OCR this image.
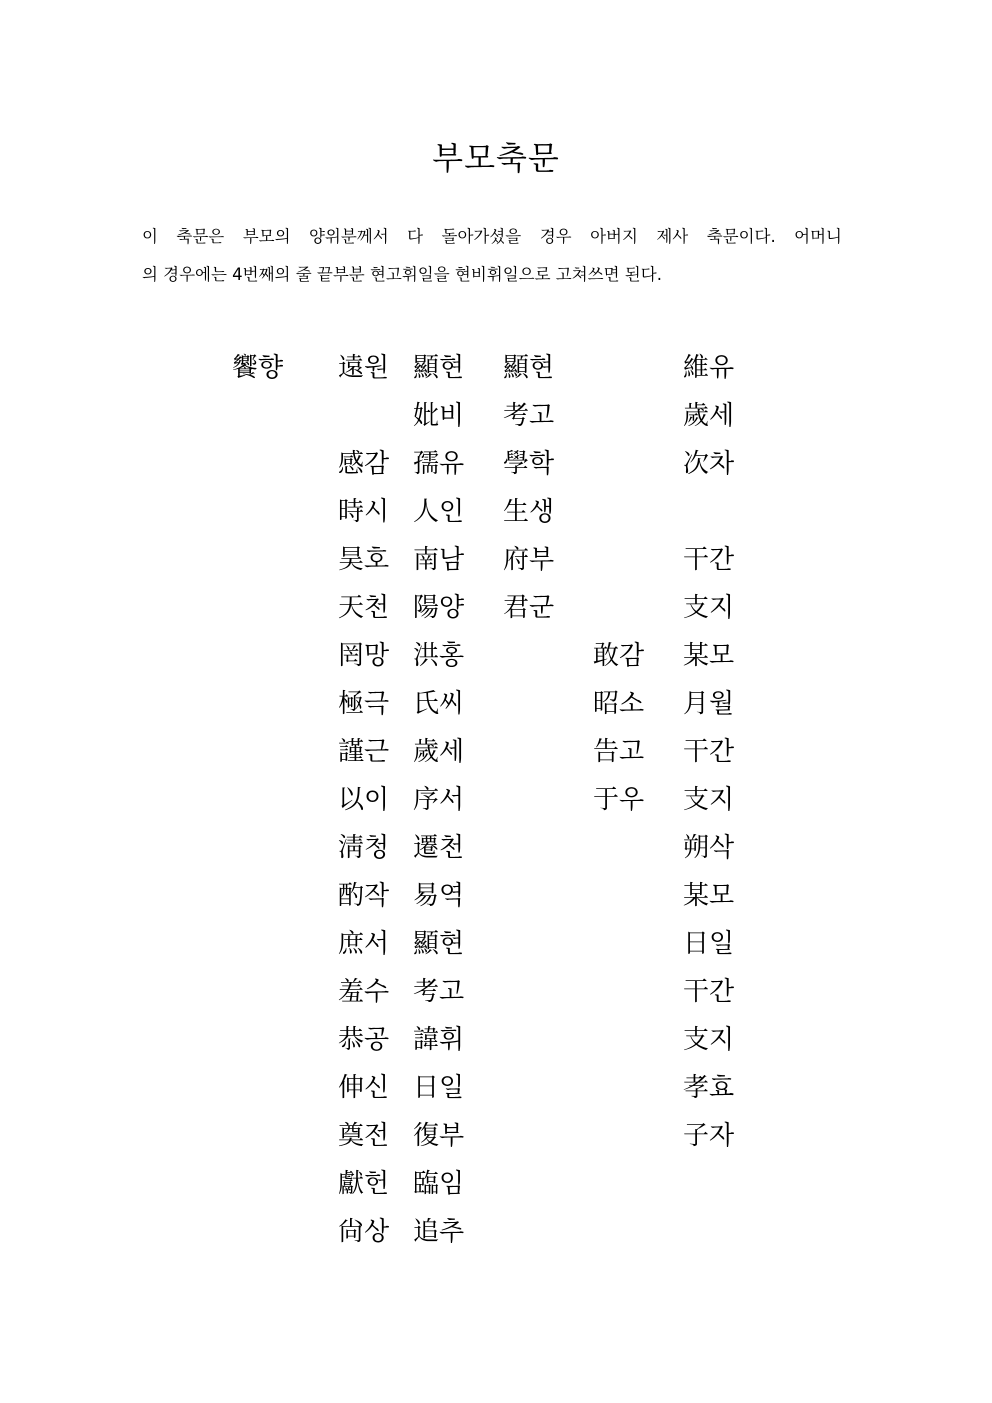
부모축문
이 축문은 부모의 양위분께서 다 돌아가셨을 경우 아버지 제사 축문이다. 어머니
의 경우에는 4번째의 줄 끝부분 현고휘일을 현비휘일으로 고쳐쓰면 된다.
饗향	遠원
感감
時시
昊호
天천
罔망
極극
謹근
以이
淸청
酌작
庶서
羞수
恭공
伸신
奠전
獻헌
尙상
顯현
妣비
孺유
人인
南남
陽양
洪홍
氏씨
歲세
序서
遷천
易역
顯현
考고
諱휘
日일
復부
臨임
追추
顯현
考고
學학
生생
府부
君군
敢감
昭소
告고
于우
維유
歲세
次차
干간
支지
某모
月월
干간
支지
朔삭
某모
日일
干간
支지
孝효
子자
